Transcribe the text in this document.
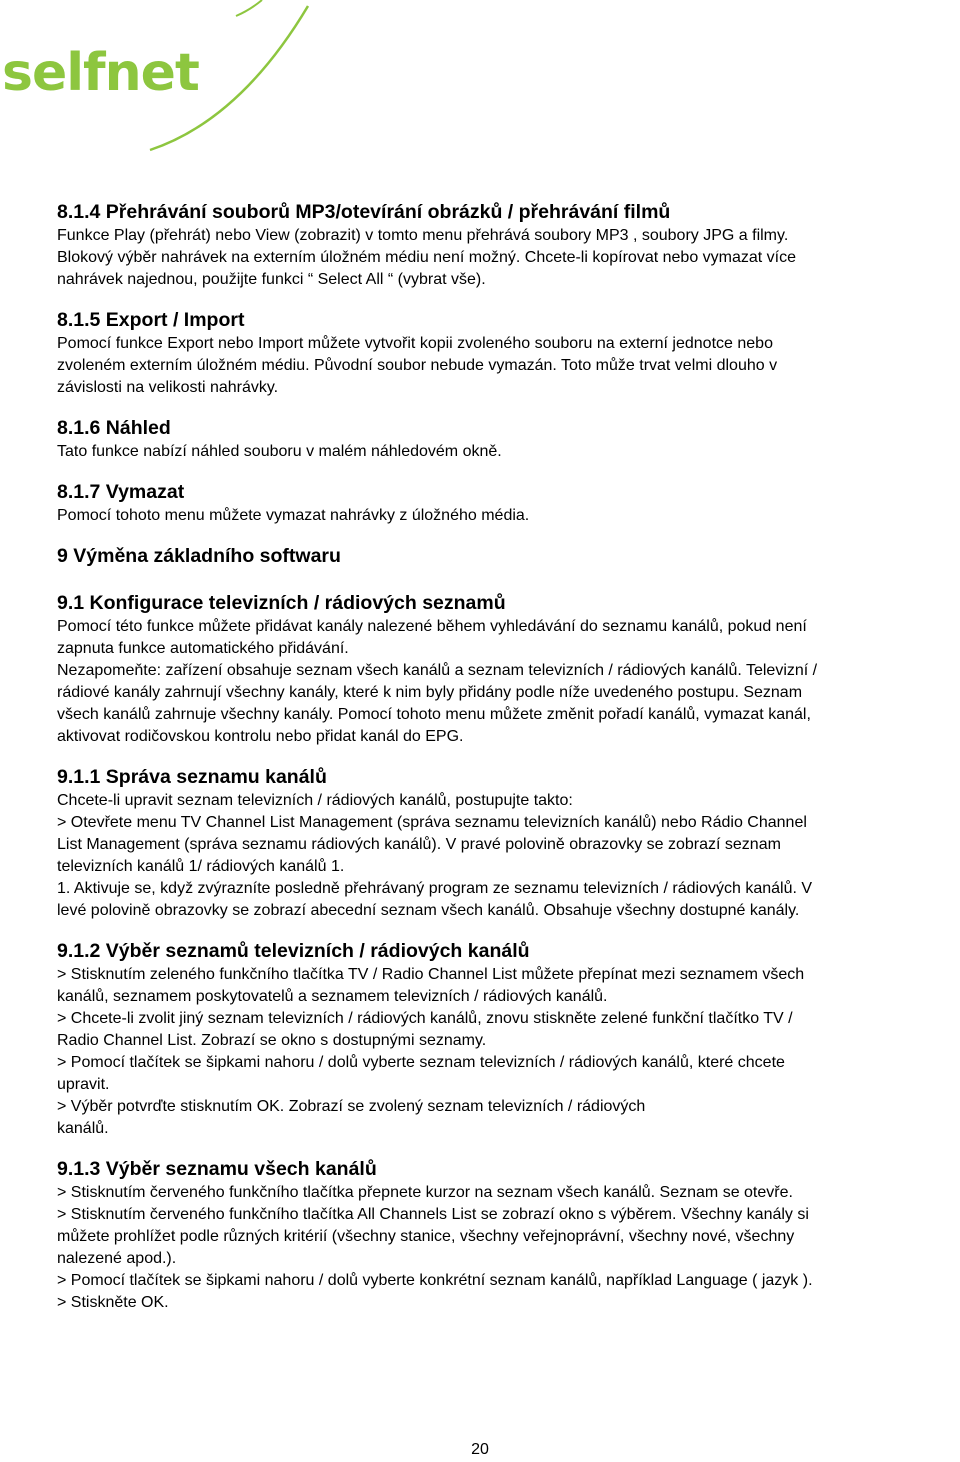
selfnet
8.1.4 Přehrávání souborů MP3/otevírání obrázků / přehrávání filmů
Funkce Play (přehrát) nebo View (zobrazit) v tomto menu přehrává soubory MP3 , soubory JPG a filmy.
Blokový výběr nahrávek na externím úložném médiu není možný. Chcete-li kopírovat nebo vymazat více
nahrávek najednou, použijte funkci “ Select All “ (vybrat vše).
8.1.5 Export / Import
Pomocí funkce Export nebo Import můžete vytvořit kopii zvoleného souboru na externí jednotce nebo
zvoleném externím úložném médiu. Původní soubor nebude vymazán. Toto může trvat velmi dlouho v
závislosti na velikosti nahrávky.
8.1.6 Náhled
Tato funkce nabízí náhled souboru v malém náhledovém okně.
8.1.7 Vymazat
Pomocí tohoto menu můžete vymazat nahrávky z úložného média.
9 Výměna základního softwaru
9.1 Konfigurace televizních / rádiových seznamů
Pomocí této funkce můžete přidávat kanály nalezené během vyhledávání do seznamu kanálů, pokud není
zapnuta funkce automatického přidávání.
Nezapomeňte: zařízení obsahuje seznam všech kanálů a seznam televizních / rádiových kanálů. Televizní /
rádiové kanály zahrnují všechny kanály, které k nim byly přidány podle níže uvedeného postupu. Seznam
všech kanálů zahrnuje všechny kanály. Pomocí tohoto menu můžete změnit pořadí kanálů, vymazat kanál,
aktivovat rodičovskou kontrolu nebo přidat kanál do EPG.
9.1.1 Správa seznamu kanálů
Chcete-li upravit seznam televizních / rádiových kanálů, postupujte takto:
> Otevřete menu TV Channel List Management (správa seznamu televizních kanálů) nebo Rádio Channel
List Management (správa seznamu rádiových kanálů). V pravé polovině obrazovky se zobrazí seznam
televizních kanálů 1/ rádiových kanálů 1.
1. Aktivuje se, když zvýrazníte posledně přehrávaný program ze seznamu televizních / rádiových kanálů. V
levé polovině obrazovky se zobrazí abecední seznam všech kanálů. Obsahuje všechny dostupné kanály.
9.1.2 Výběr seznamů televizních / rádiových kanálů
> Stisknutím zeleného funkčního tlačítka TV / Radio Channel List můžete přepínat mezi seznamem všech
kanálů, seznamem poskytovatelů a seznamem televizních / rádiových kanálů.
> Chcete-li zvolit jiný seznam televizních / rádiových kanálů, znovu stiskněte zelené funkční tlačítko TV /
Radio Channel List. Zobrazí se okno s dostupnými seznamy.
> Pomocí tlačítek se šipkami nahoru / dolů vyberte seznam televizních / rádiových kanálů, které chcete
upravit.
> Výběr potvrďte stisknutím OK. Zobrazí se zvolený seznam televizních / rádiových
kanálů.
9.1.3 Výběr seznamu všech kanálů
> Stisknutím červeného funkčního tlačítka přepnete kurzor na seznam všech kanálů. Seznam se otevře.
> Stisknutím červeného funkčního tlačítka All Channels List se zobrazí okno s výběrem. Všechny kanály si
můžete prohlížet podle různých kritérií (všechny stanice, všechny veřejnoprávní, všechny nové, všechny
nalezené apod.).
> Pomocí tlačítek se šipkami nahoru / dolů vyberte konkrétní seznam kanálů, například Language ( jazyk ).
> Stiskněte OK.
20
